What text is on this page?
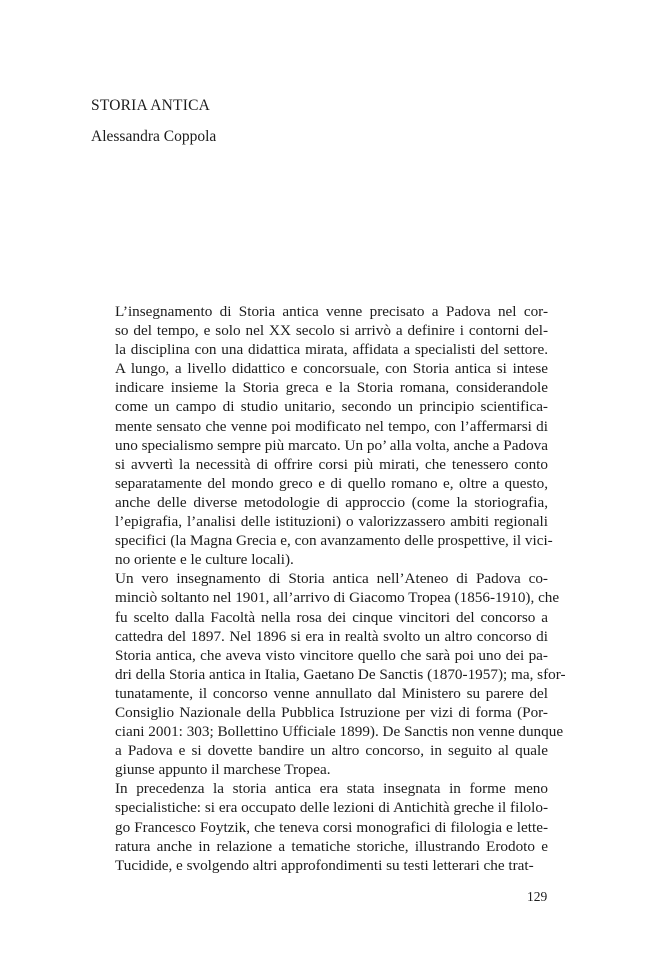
STORIA ANTICA
Alessandra Coppola

L’insegnamento di Storia antica venne precisato a Padova nel cor-
so del tempo, e solo nel XX secolo si arrivò a definire i contorni del-
la disciplina con una didattica mirata, affidata a specialisti del settore.
A lungo, a livello didattico e concorsuale, con Storia antica si intese
indicare insieme la Storia greca e la Storia romana, considerandole
come un campo di studio unitario, secondo un principio scientifica-
mente sensato che venne poi modificato nel tempo, con l’affermarsi di
uno specialismo sempre più marcato. Un po’ alla volta, anche a Padova
si avvertì la necessità di offrire corsi più mirati, che tenessero conto
separatamente del mondo greco e di quello romano e, oltre a questo,
anche delle diverse metodologie di approccio (come la storiografia,
l’epigrafia, l’analisi delle istituzioni) o valorizzassero ambiti regionali
specifici (la Magna Grecia e, con avanzamento delle prospettive, il vici-
no oriente e le culture locali).

Un vero insegnamento di Storia antica nell’Ateneo di Padova co-
minciò soltanto nel 1901, all’arrivo di Giacomo Tropea (1856-1910), che
fu scelto dalla Facoltà nella rosa dei cinque vincitori del concorso a
cattedra del 1897. Nel 1896 si era in realtà svolto un altro concorso di
Storia antica, che aveva visto vincitore quello che sarà poi uno dei pa-
dri della Storia antica in Italia, Gaetano De Sanctis (1870-1957); ma, sfor-
tunatamente, il concorso venne annullato dal Ministero su parere del
Consiglio Nazionale della Pubblica Istruzione per vizi di forma (Por-
ciani 2001: 303; Bollettino Ufficiale 1899). De Sanctis non venne dunque
a Padova e si dovette bandire un altro concorso, in seguito al quale
giunse appunto il marchese Tropea.

In precedenza la storia antica era stata insegnata in forme meno
specialistiche: si era occupato delle lezioni di Antichità greche il filolo-
go Francesco Foytzik, che teneva corsi monografici di filologia e lette-
ratura anche in relazione a tematiche storiche, illustrando Erodoto e
Tucidide, e svolgendo altri approfondimenti su testi letterari che trat-

129
